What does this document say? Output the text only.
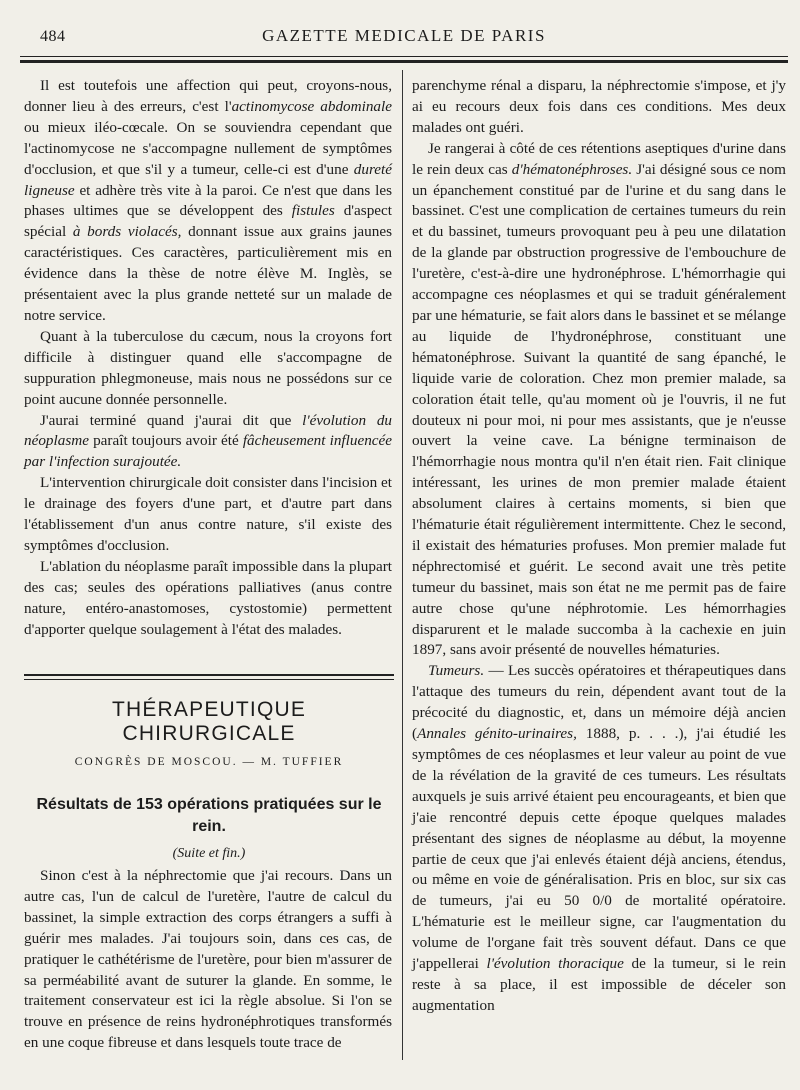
484	GAZETTE MEDICALE DE PARIS

Il est toutefois une affection qui peut, croyons-nous, donner lieu à des erreurs, c'est l'actinomycose abdominale ou mieux iléo-cœcale. On se souviendra cependant que l'actinomycose ne s'accompagne nullement de symptômes d'occlusion, et que s'il y a tumeur, celle-ci est d'une dureté ligneuse et adhère très vite à la paroi. Ce n'est que dans les phases ultimes que se développent des fistules d'aspect spécial à bords violacés, donnant issue aux grains jaunes caractéristiques. Ces caractères, particulièrement mis en évidence dans la thèse de notre élève M. Inglès, se présentaient avec la plus grande netteté sur un malade de notre service.

Quant à la tuberculose du cæcum, nous la croyons fort difficile à distinguer quand elle s'accompagne de suppuration phlegmoneuse, mais nous ne possédons sur ce point aucune donnée personnelle.

J'aurai terminé quand j'aurai dit que l'évolution du néoplasme paraît toujours avoir été fâcheusement influencée par l'infection surajoutée.

L'intervention chirurgicale doit consister dans l'incision et le drainage des foyers d'une part, et d'autre part dans l'établissement d'un anus contre nature, s'il existe des symptômes d'occlusion.

L'ablation du néoplasme paraît impossible dans la plupart des cas; seules des opérations palliatives (anus contre nature, entéro-anastomoses, cystostomie) permettent d'apporter quelque soulagement à l'état des malades.

THÉRAPEUTIQUE CHIRURGICALE
CONGRÈS DE MOSCOU. — M. TUFFIER
Résultats de 153 opérations pratiquées sur le rein.
(Suite et fin.)

Sinon c'est à la néphrectomie que j'ai recours. Dans un autre cas, l'un de calcul de l'uretère, l'autre de calcul du bassinet, la simple extraction des corps étrangers a suffi à guérir mes malades. J'ai toujours soin, dans ces cas, de pratiquer le cathétérisme de l'uretère, pour bien m'assurer de sa perméabilité avant de suturer la glande. En somme, le traitement conservateur est ici la règle absolue. Si l'on se trouve en présence de reins hydronéphrotiques transformés en une coque fibreuse et dans lesquels toute trace de

parenchyme rénal a disparu, la néphrectomie s'impose, et j'y ai eu recours deux fois dans ces conditions. Mes deux malades ont guéri.

Je rangerai à côté de ces rétentions aseptiques d'urine dans le rein deux cas d'hématonéphroses. J'ai désigné sous ce nom un épanchement constitué par de l'urine et du sang dans le bassinet. C'est une complication de certaines tumeurs du rein et du bassinet, tumeurs provoquant peu à peu une dilatation de la glande par obstruction progressive de l'embouchure de l'uretère, c'est-à-dire une hydronéphrose. L'hémorrhagie qui accompagne ces néoplasmes et qui se traduit généralement par une hématurie, se fait alors dans le bassinet et se mélange au liquide de l'hydronéphrose, constituant une hématonéphrose. Suivant la quantité de sang épanché, le liquide varie de coloration. Chez mon premier malade, sa coloration était telle, qu'au moment où je l'ouvris, il ne fut douteux ni pour moi, ni pour mes assistants, que je n'eusse ouvert la veine cave. La bénigne terminaison de l'hémorrhagie nous montra qu'il n'en était rien. Fait clinique intéressant, les urines de mon premier malade étaient absolument claires à certains moments, si bien que l'hématurie était régulièrement intermittente. Chez le second, il existait des hématuries profuses. Mon premier malade fut néphrectomisé et guérit. Le second avait une très petite tumeur du bassinet, mais son état ne me permit pas de faire autre chose qu'une néphrotomie. Les hémorrhagies disparurent et le malade succomba à la cachexie en juin 1897, sans avoir présenté de nouvelles hématuries.

Tumeurs. — Les succès opératoires et thérapeutiques dans l'attaque des tumeurs du rein, dépendent avant tout de la précocité du diagnostic, et, dans un mémoire déjà ancien (Annales génito-urinaires, 1888, p. . . .), j'ai étudié les symptômes de ces néoplasmes et leur valeur au point de vue de la révélation de la gravité de ces tumeurs. Les résultats auxquels je suis arrivé étaient peu encourageants, et bien que j'aie rencontré depuis cette époque quelques malades présentant des signes de néoplasme au début, la moyenne partie de ceux que j'ai enlevés étaient déjà anciens, étendus, ou même en voie de généralisation. Pris en bloc, sur six cas de tumeurs, j'ai eu 50 0/0 de mortalité opératoire. L'hématurie est le meilleur signe, car l'augmentation du volume de l'organe fait très souvent défaut. Dans ce que j'appellerai l'évolution thoracique de la tumeur, si le rein reste à sa place, il est impossible de déceler son augmentation
